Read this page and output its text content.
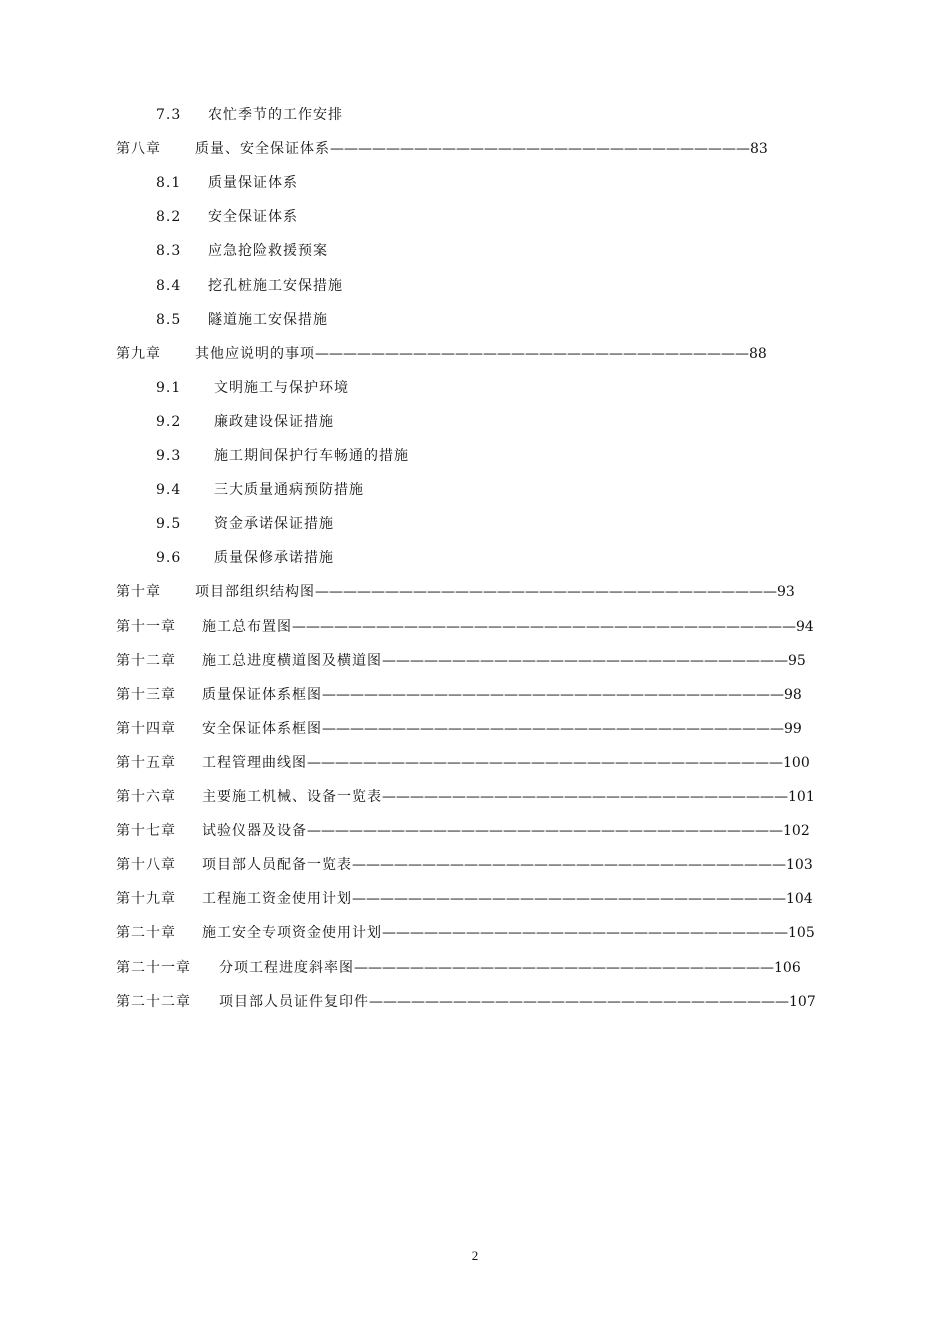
7.3 农忙季节的工作安排
第八章 质量、安全保证体系——————————————————————————————83
8.1 质量保证体系
8.2 安全保证体系
8.3 应急抢险救援预案
8.4 挖孔桩施工安保措施
8.5 隧道施工安保措施
第九章 其他应说明的事项———————————————————————————————88
9.1 文明施工与保护环境
9.2 廉政建设保证措施
9.3 施工期间保护行车畅通的措施
9.4 三大质量通病预防措施
9.5 资金承诺保证措施
9.6 质量保修承诺措施
第十章 项目部组织结构图—————————————————————————————————93
第十一章 施工总布置图————————————————————————————————————94
第十二章 施工总进度横道图及横道图—————————————————————————————95
第十三章 质量保证体系框图—————————————————————————————————98
第十四章 安全保证体系框图—————————————————————————————————99
第十五章 工程管理曲线图——————————————————————————————————100
第十六章 主要施工机械、设备一览表—————————————————————————————101
第十七章 试验仪器及设备——————————————————————————————————102
第十八章 项目部人员配备一览表———————————————————————————————103
第十九章 工程施工资金使用计划———————————————————————————————104
第二十章 施工安全专项资金使用计划—————————————————————————————105
第二十一章 分项工程进度斜率图——————————————————————————————106
第二十二章 项目部人员证件复印件——————————————————————————————107
2
